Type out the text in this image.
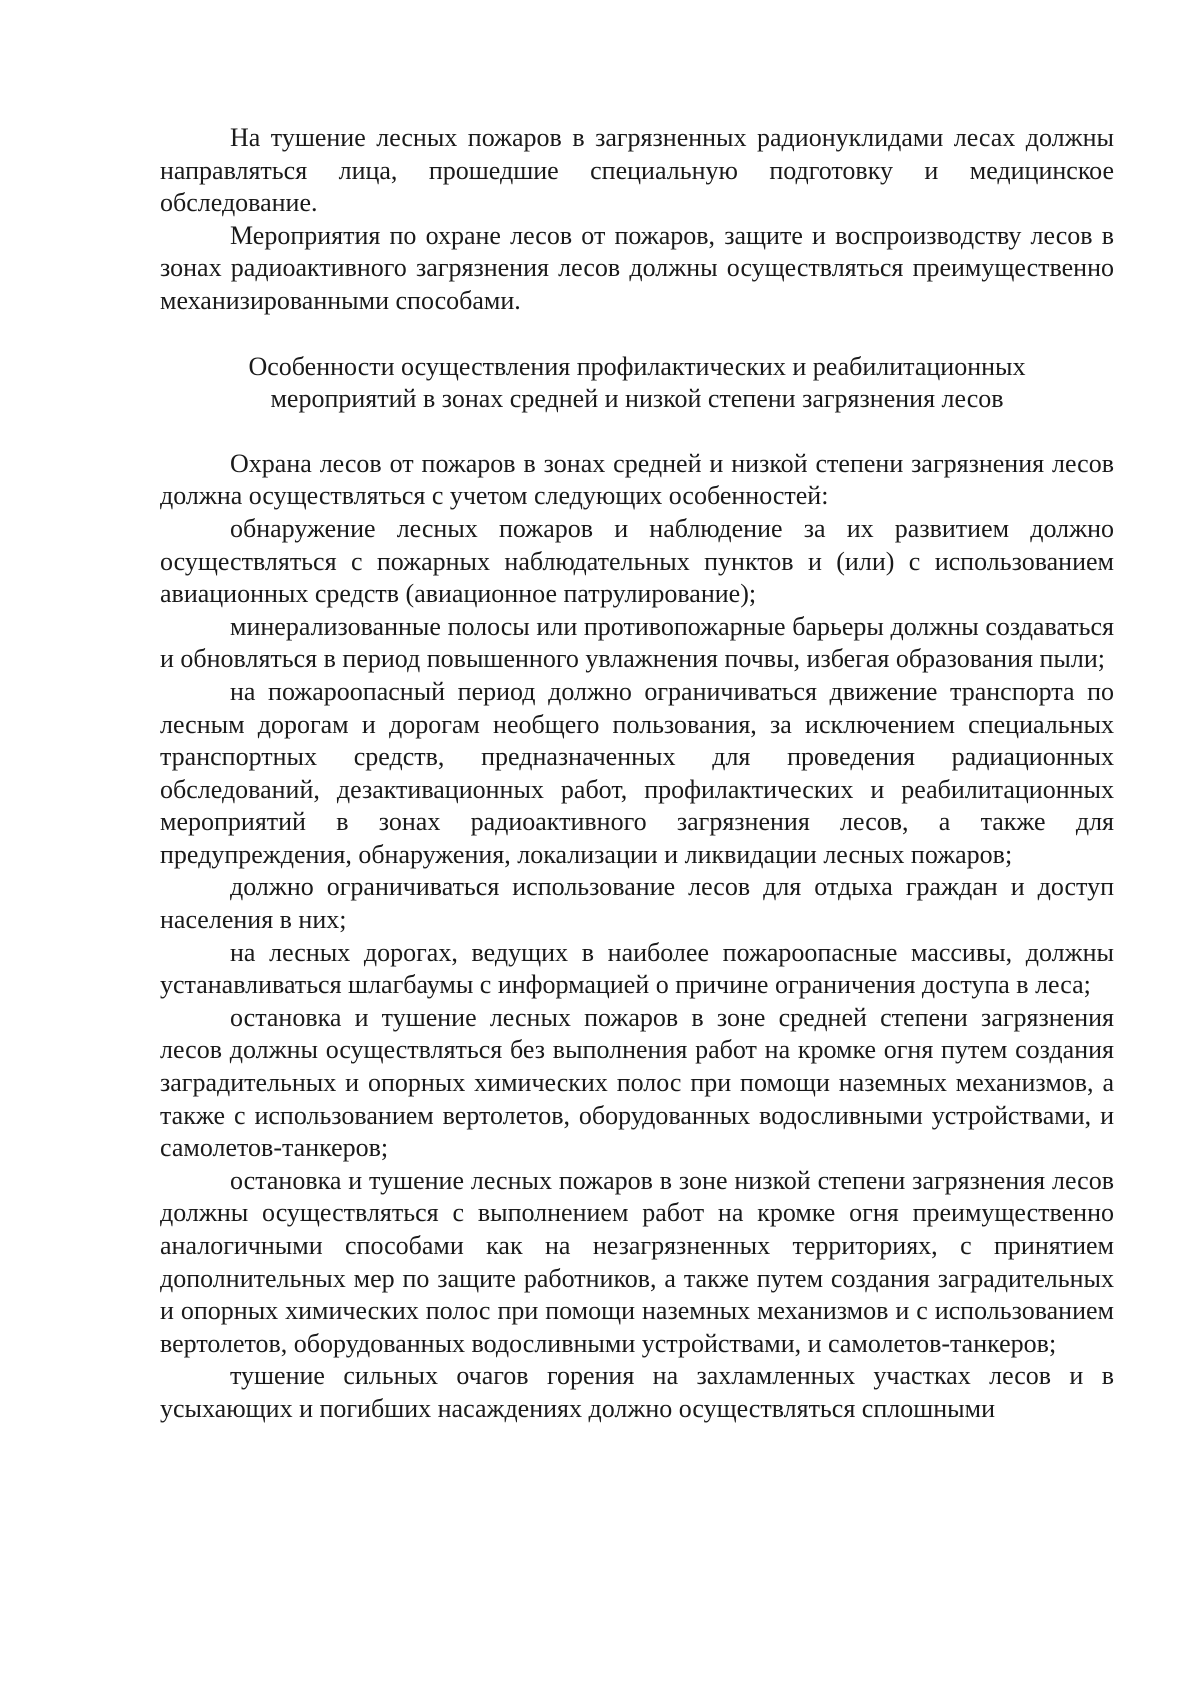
На тушение лесных пожаров в загрязненных радионуклидами лесах должны направляться лица, прошедшие специальную подготовку и медицинское обследование.

Мероприятия по охране лесов от пожаров, защите и воспроизводству лесов в зонах радиоактивного загрязнения лесов должны осуществляться преимущественно механизированными способами.

Особенности осуществления профилактических и реабилитационных
мероприятий в зонах средней и низкой степени загрязнения лесов

Охрана лесов от пожаров в зонах средней и низкой степени загрязнения лесов должна осуществляться с учетом следующих особенностей:

обнаружение лесных пожаров и наблюдение за их развитием должно осуществляться с пожарных наблюдательных пунктов и (или) с использованием авиационных средств (авиационное патрулирование);

минерализованные полосы или противопожарные барьеры должны создаваться и обновляться в период повышенного увлажнения почвы, избегая образования пыли;

на пожароопасный период должно ограничиваться движение транспорта по лесным дорогам и дорогам необщего пользования, за исключением специальных транспортных средств, предназначенных для проведения радиационных обследований, дезактивационных работ, профилактических и реабилитационных мероприятий в зонах радиоактивного загрязнения лесов, а также для предупреждения, обнаружения, локализации и ликвидации лесных пожаров;

должно ограничиваться использование лесов для отдыха граждан и доступ населения в них;

на лесных дорогах, ведущих в наиболее пожароопасные массивы, должны устанавливаться шлагбаумы с информацией о причине ограничения доступа в леса;

остановка и тушение лесных пожаров в зоне средней степени загрязнения лесов должны осуществляться без выполнения работ на кромке огня путем создания заградительных и опорных химических полос при помощи наземных механизмов, а также с использованием вертолетов, оборудованных водосливными устройствами, и самолетов-танкеров;

остановка и тушение лесных пожаров в зоне низкой степени загрязнения лесов должны осуществляться с выполнением работ на кромке огня преимущественно аналогичными способами как на незагрязненных территориях, с принятием дополнительных мер по защите работников, а также путем создания заградительных и опорных химических полос при помощи наземных механизмов и с использованием вертолетов, оборудованных водосливными устройствами, и самолетов-танкеров;

тушение сильных очагов горения на захламленных участках лесов и в усыхающих и погибших насаждениях должно осуществляться сплошными
